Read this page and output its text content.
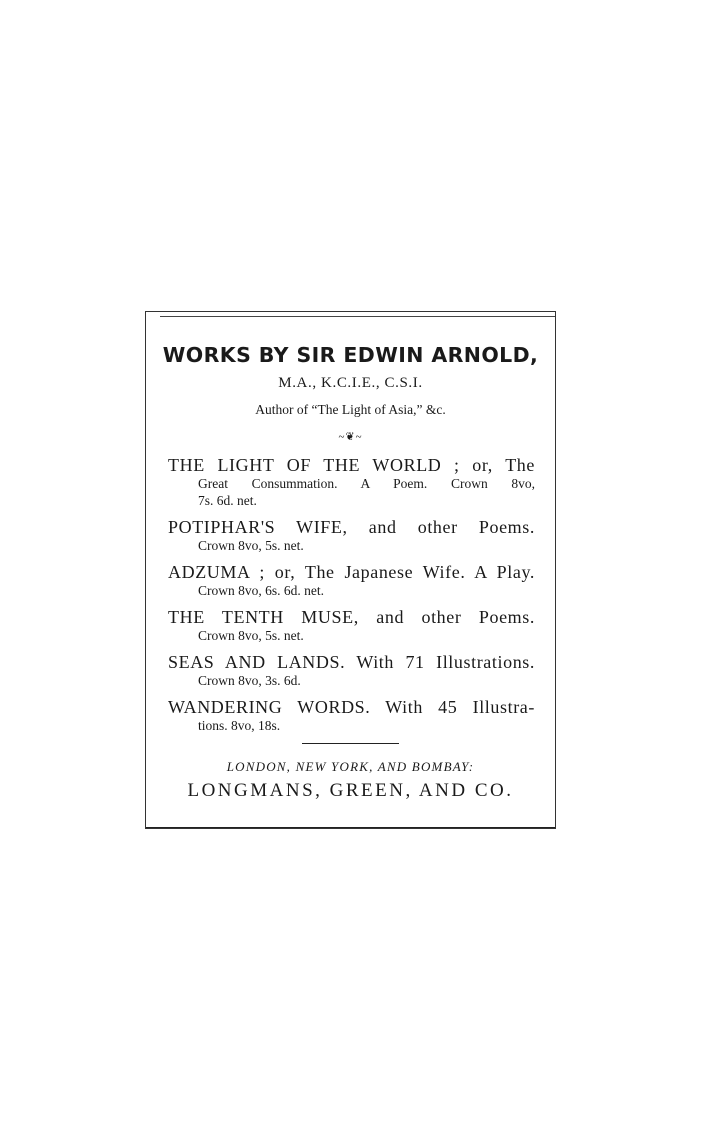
WORKS BY SIR EDWIN ARNOLD,
M.A., K.C.I.E., C.S.I.
Author of “The Light of Asia,” &c.
~❦~
THE LIGHT OF THE WORLD ; or, The
Great Consummation. A Poem. Crown 8vo,
7s. 6d. net.
POTIPHAR'S WIFE, and other Poems.
Crown 8vo, 5s. net.
ADZUMA ; or, The Japanese Wife. A Play.
Crown 8vo, 6s. 6d. net.
THE TENTH MUSE, and other Poems.
Crown 8vo, 5s. net.
SEAS AND LANDS. With 71 Illustrations.
Crown 8vo, 3s. 6d.
WANDERING WORDS. With 45 Illustra-
tions. 8vo, 18s.
LONDON, NEW YORK, AND BOMBAY:
LONGMANS, GREEN, AND CO.
